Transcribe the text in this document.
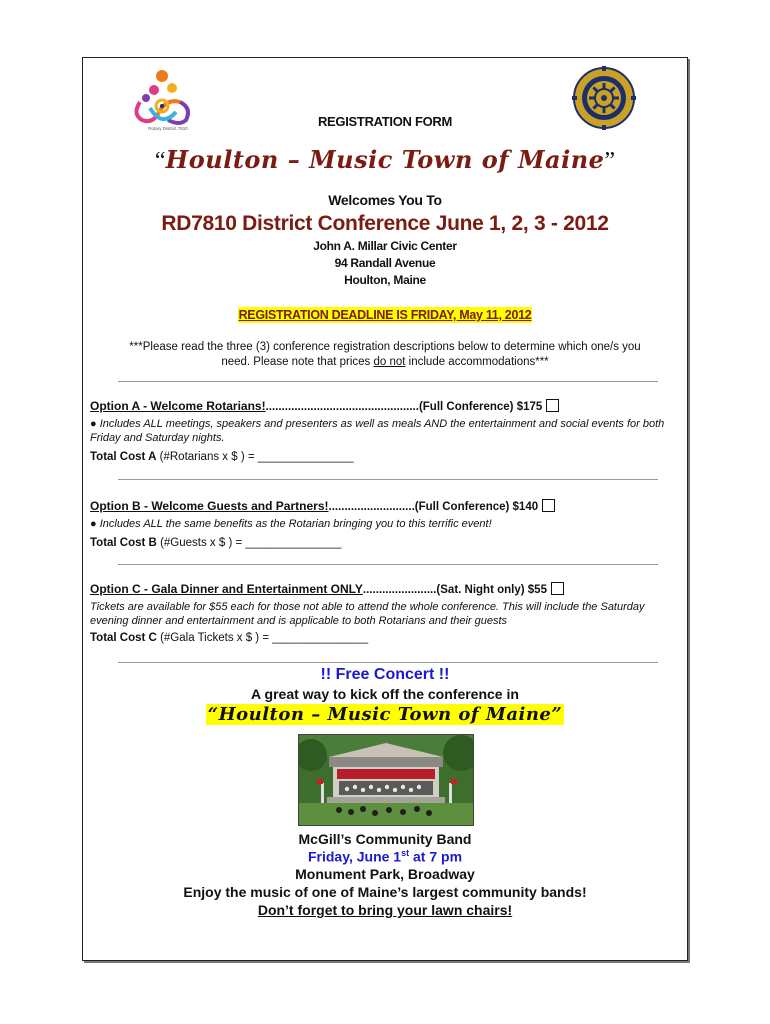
Rotary District 7810	REGISTRATION FORM
“Houlton – Music Town of Maine”
Welcomes You To
RD7810 District Conference June 1, 2, 3 - 2012
John A. Millar Civic Center
94 Randall Avenue
Houlton, Maine
REGISTRATION DEADLINE IS FRIDAY, May 11, 2012
***Please read the three (3) conference registration descriptions below to determine which one/s you
need. Please note that prices do not include accommodations***
Option A - Welcome Rotarians!................................................(Full Conference) $175
● Includes ALL meetings, speakers and presenters as well as meals AND the entertainment and social events for both Friday and Saturday nights.
Total Cost A (#Rotarians x $ ) = _______________
Option B - Welcome Guests and Partners!...........................(Full Conference) $140
● Includes ALL the same benefits as the Rotarian bringing you to this terrific event!
Total Cost B (#Guests x $ ) = _______________
Option C - Gala Dinner and Entertainment ONLY.......................(Sat. Night only) $55
Tickets are available for $55 each for those not able to attend the whole conference. This will include the Saturday evening dinner and entertainment and is applicable to both Rotarians and their guests
Total Cost C (#Gala Tickets x $ ) = _______________
!! Free Concert !!
A great way to kick off the conference in
“Houlton – Music Town of Maine”
McGill’s Community Band
Friday, June 1st at 7 pm
Monument Park, Broadway
Enjoy the music of one of Maine’s largest community bands!
Don’t forget to bring your lawn chairs!
